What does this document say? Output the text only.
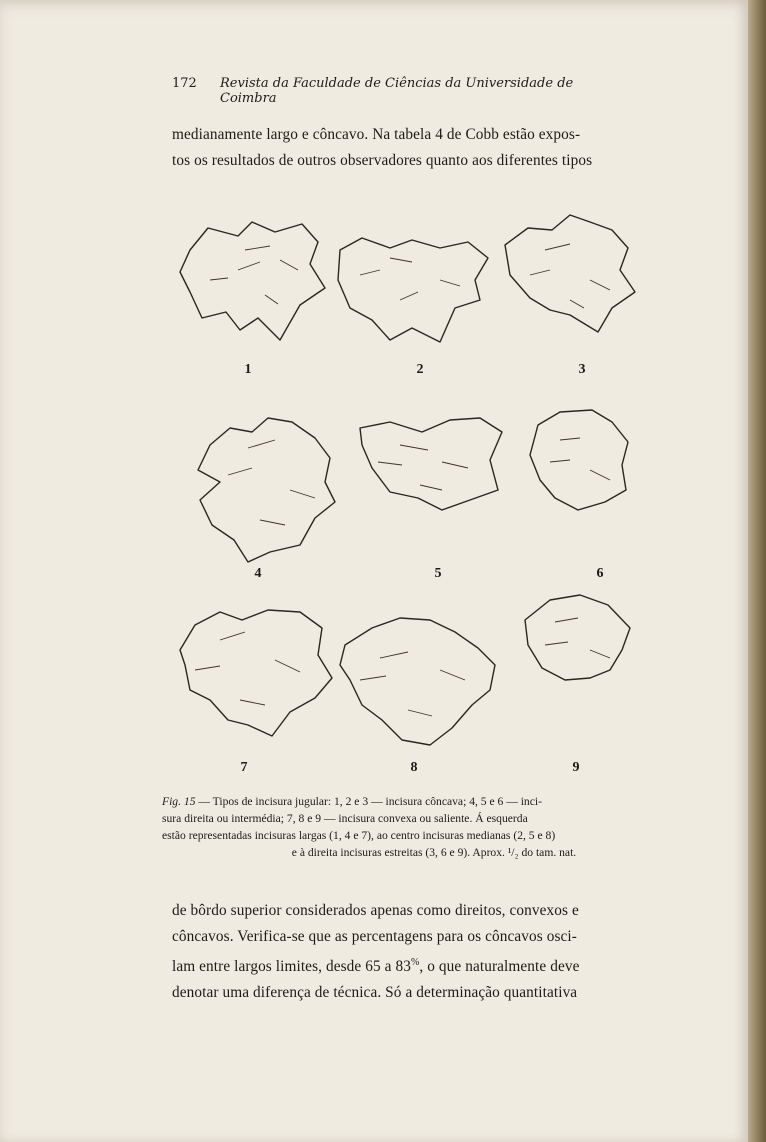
172 Revista da Faculdade de Ciências da Universidade de Coimbra
medianamente largo e côncavo. Na tabela 4 de Cobb estão expos-
tos os resultados de outros observadores quanto aos diferentes tipos
1	2	3
4	5	6
7	8	9
Fig. 15 — Tipos de incisura jugular: 1, 2 e 3 — incisura côncava; 4, 5 e 6 — inci-
sura direita ou intermédia; 7, 8 e 9 — incisura convexa ou saliente. Á esquerda
estão representadas incisuras largas (1, 4 e 7), ao centro incisuras medianas (2, 5 e 8)
e à direita incisuras estreitas (3, 6 e 9). Aprox. ¹/₂ do tam. nat.
de bôrdo superior considerados apenas como direitos, convexos e
côncavos. Verifica-se que as percentagens para os côncavos osci-
lam entre largos limites, desde 65 a 83%, o que naturalmente deve
denotar uma diferença de técnica. Só a determinação quantitativa
